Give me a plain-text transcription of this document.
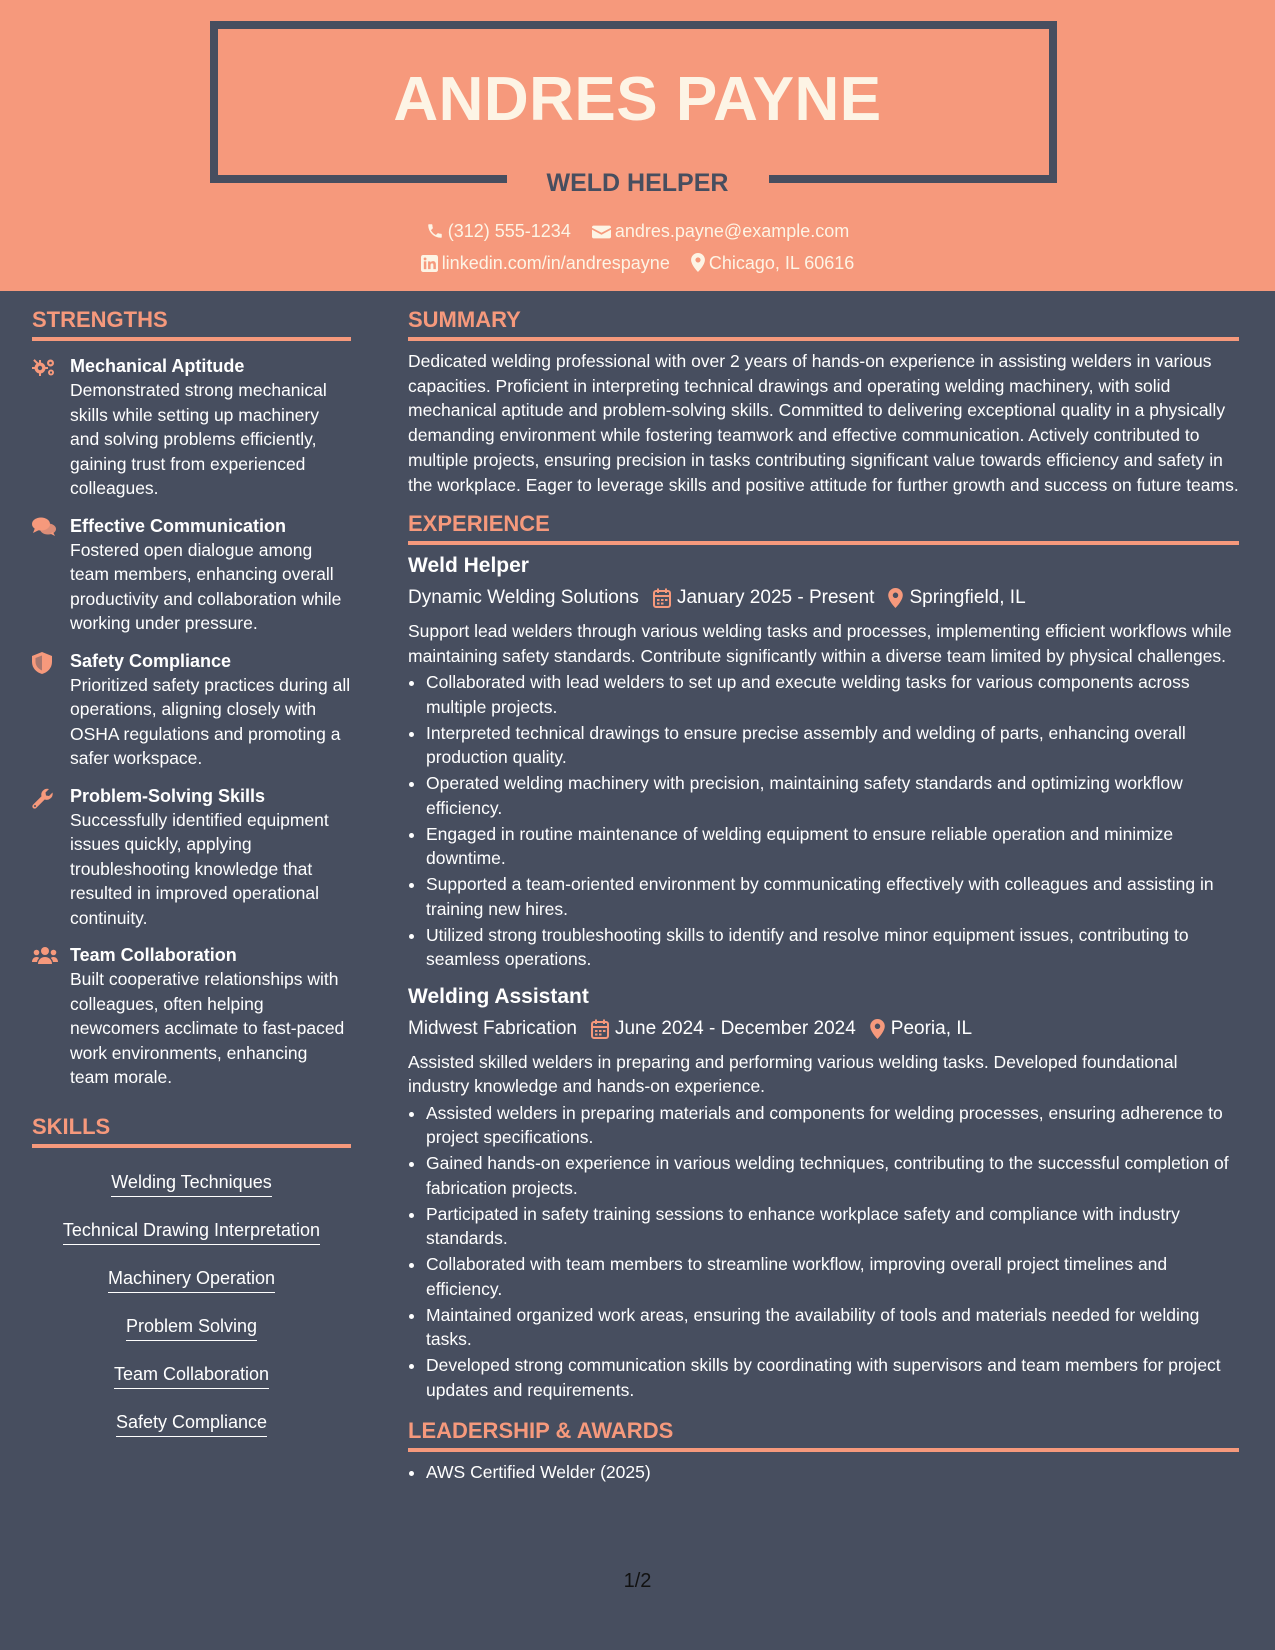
ANDRES PAYNE
WELD HELPER
(312) 555-1234 andres.payne@example.com
linkedin.com/in/andrespayne Chicago, IL 60616
STRENGTHS
Mechanical Aptitude
Demonstrated strong mechanical skills while setting up machinery and solving problems efficiently, gaining trust from experienced colleagues.
Effective Communication
Fostered open dialogue among team members, enhancing overall productivity and collaboration while working under pressure.
Safety Compliance
Prioritized safety practices during all operations, aligning closely with OSHA regulations and promoting a safer workspace.
Problem-Solving Skills
Successfully identified equipment issues quickly, applying troubleshooting knowledge that resulted in improved operational continuity.
Team Collaboration
Built cooperative relationships with colleagues, often helping newcomers acclimate to fast-paced work environments, enhancing team morale.
SKILLS
Welding Techniques
Technical Drawing Interpretation
Machinery Operation
Problem Solving
Team Collaboration
Safety Compliance
SUMMARY
Dedicated welding professional with over 2 years of hands-on experience in assisting welders in various capacities. Proficient in interpreting technical drawings and operating welding machinery, with solid mechanical aptitude and problem-solving skills. Committed to delivering exceptional quality in a physically demanding environment while fostering teamwork and effective communication. Actively contributed to multiple projects, ensuring precision in tasks contributing significant value towards efficiency and safety in the workplace. Eager to leverage skills and positive attitude for further growth and success on future teams.
EXPERIENCE
Weld Helper
Dynamic Welding Solutions January 2025 - Present Springfield, IL
Support lead welders through various welding tasks and processes, implementing efficient workflows while maintaining safety standards. Contribute significantly within a diverse team limited by physical challenges.
• Collaborated with lead welders to set up and execute welding tasks for various components across multiple projects.
• Interpreted technical drawings to ensure precise assembly and welding of parts, enhancing overall production quality.
• Operated welding machinery with precision, maintaining safety standards and optimizing workflow efficiency.
• Engaged in routine maintenance of welding equipment to ensure reliable operation and minimize downtime.
• Supported a team-oriented environment by communicating effectively with colleagues and assisting in training new hires.
• Utilized strong troubleshooting skills to identify and resolve minor equipment issues, contributing to seamless operations.
Welding Assistant
Midwest Fabrication June 2024 - December 2024 Peoria, IL
Assisted skilled welders in preparing and performing various welding tasks. Developed foundational industry knowledge and hands-on experience.
• Assisted welders in preparing materials and components for welding processes, ensuring adherence to project specifications.
• Gained hands-on experience in various welding techniques, contributing to the successful completion of fabrication projects.
• Participated in safety training sessions to enhance workplace safety and compliance with industry standards.
• Collaborated with team members to streamline workflow, improving overall project timelines and efficiency.
• Maintained organized work areas, ensuring the availability of tools and materials needed for welding tasks.
• Developed strong communication skills by coordinating with supervisors and team members for project updates and requirements.
LEADERSHIP & AWARDS
• AWS Certified Welder (2025)
1/2
